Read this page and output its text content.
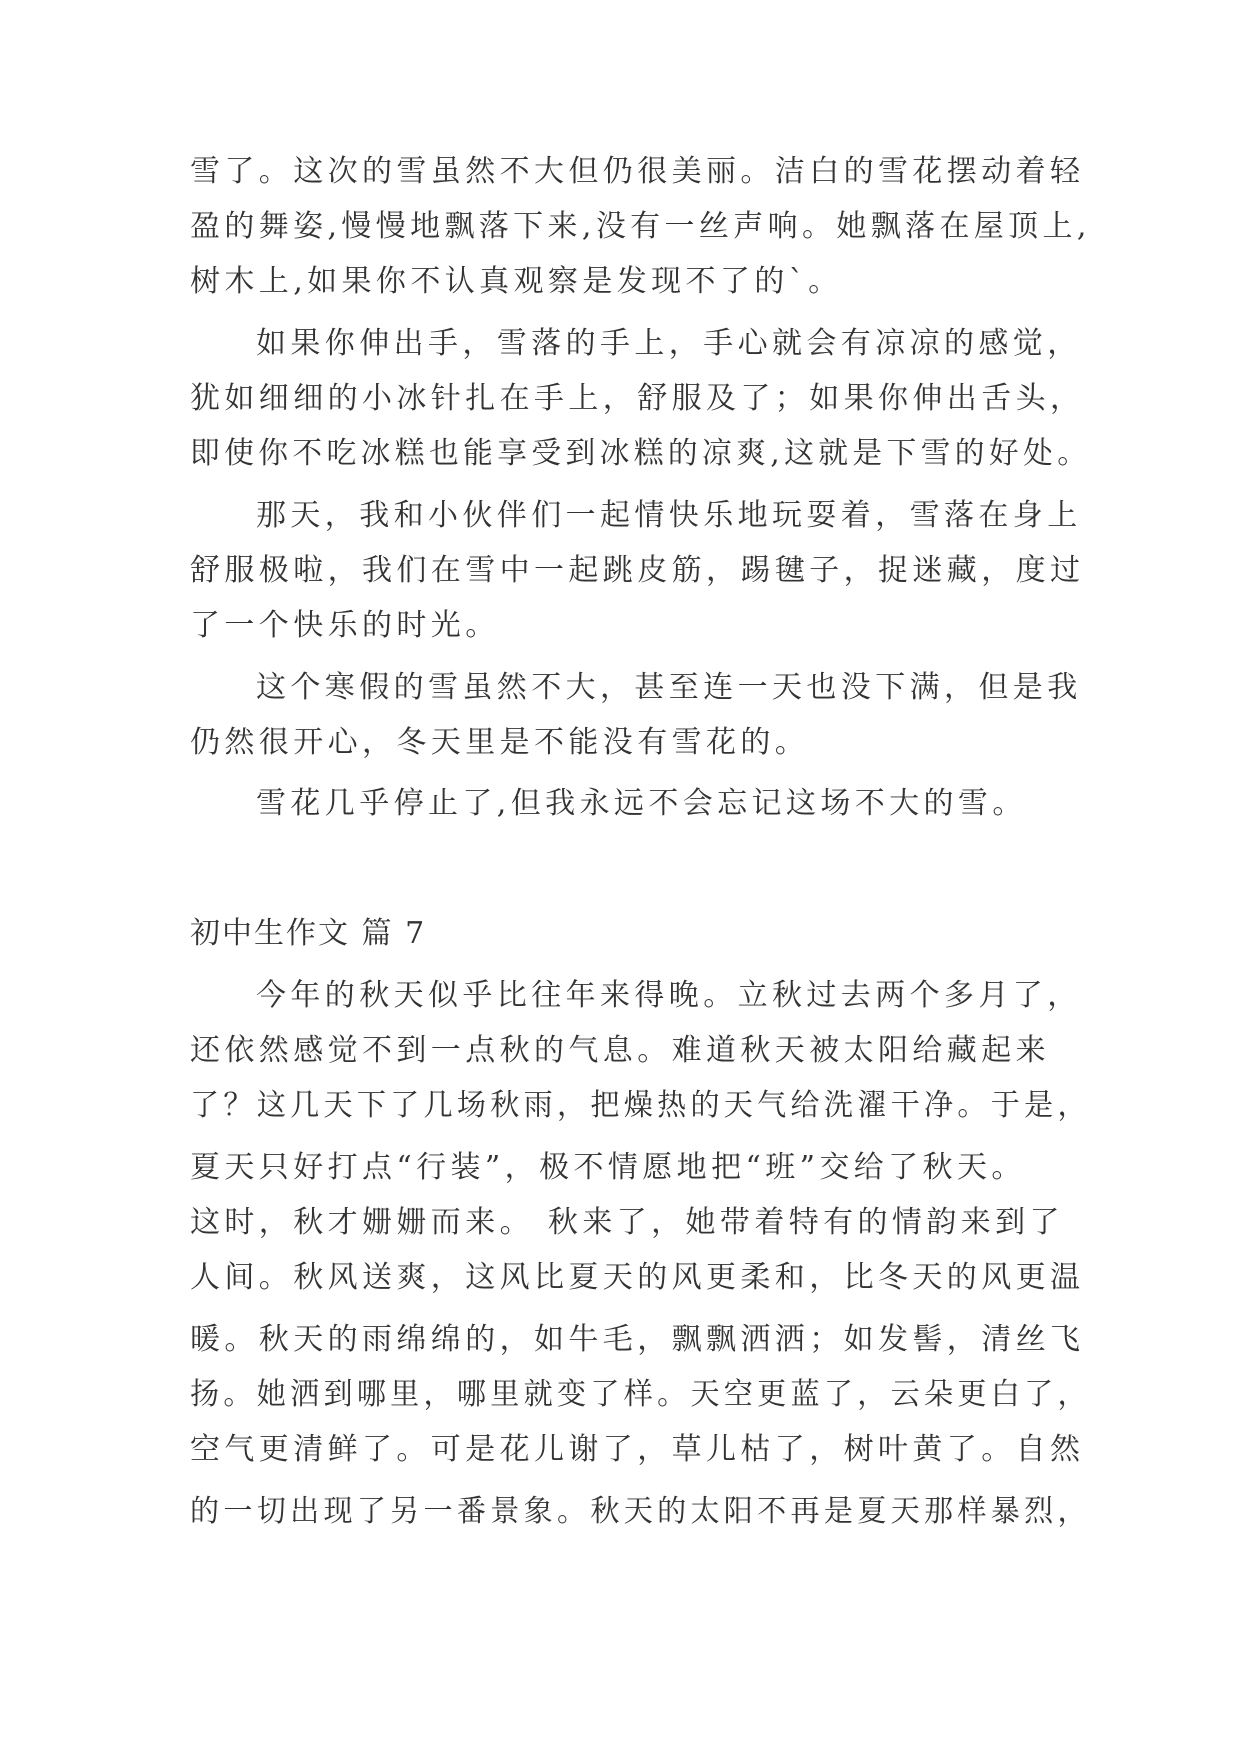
雪了。这次的雪虽然不大但仍很美丽。洁白的雪花摆动着轻
盈的舞姿,慢慢地飘落下来,没有一丝声响。她飘落在屋顶上,
树木上,如果你不认真观察是发现不了的`。
如果你伸出手，雪落的手上，手心就会有凉凉的感觉，
犹如细细的小冰针扎在手上，舒服及了；如果你伸出舌头，
即使你不吃冰糕也能享受到冰糕的凉爽,这就是下雪的好处。
那天，我和小伙伴们一起情快乐地玩耍着，雪落在身上
舒服极啦，我们在雪中一起跳皮筋，踢毽子，捉迷藏，度过
了一个快乐的时光。
这个寒假的雪虽然不大，甚至连一天也没下满，但是我
仍然很开心，冬天里是不能没有雪花的。
雪花几乎停止了,但我永远不会忘记这场不大的雪。
初中生作文 篇 7
今年的秋天似乎比往年来得晚。立秋过去两个多月了，
还依然感觉不到一点秋的气息。难道秋天被太阳给藏起来
了？这几天下了几场秋雨，把燥热的天气给洗濯干净。于是，
夏天只好打点“行装”，极不情愿地把“班”交给了秋天。
这时，秋才姗姗而来。 秋来了，她带着特有的情韵来到了
人间。秋风送爽，这风比夏天的风更柔和，比冬天的风更温
暖。秋天的雨绵绵的，如牛毛，飘飘洒洒；如发髻，清丝飞
扬。她洒到哪里，哪里就变了样。天空更蓝了，云朵更白了，
空气更清鲜了。可是花儿谢了，草儿枯了，树叶黄了。自然
的一切出现了另一番景象。秋天的太阳不再是夏天那样暴烈，
